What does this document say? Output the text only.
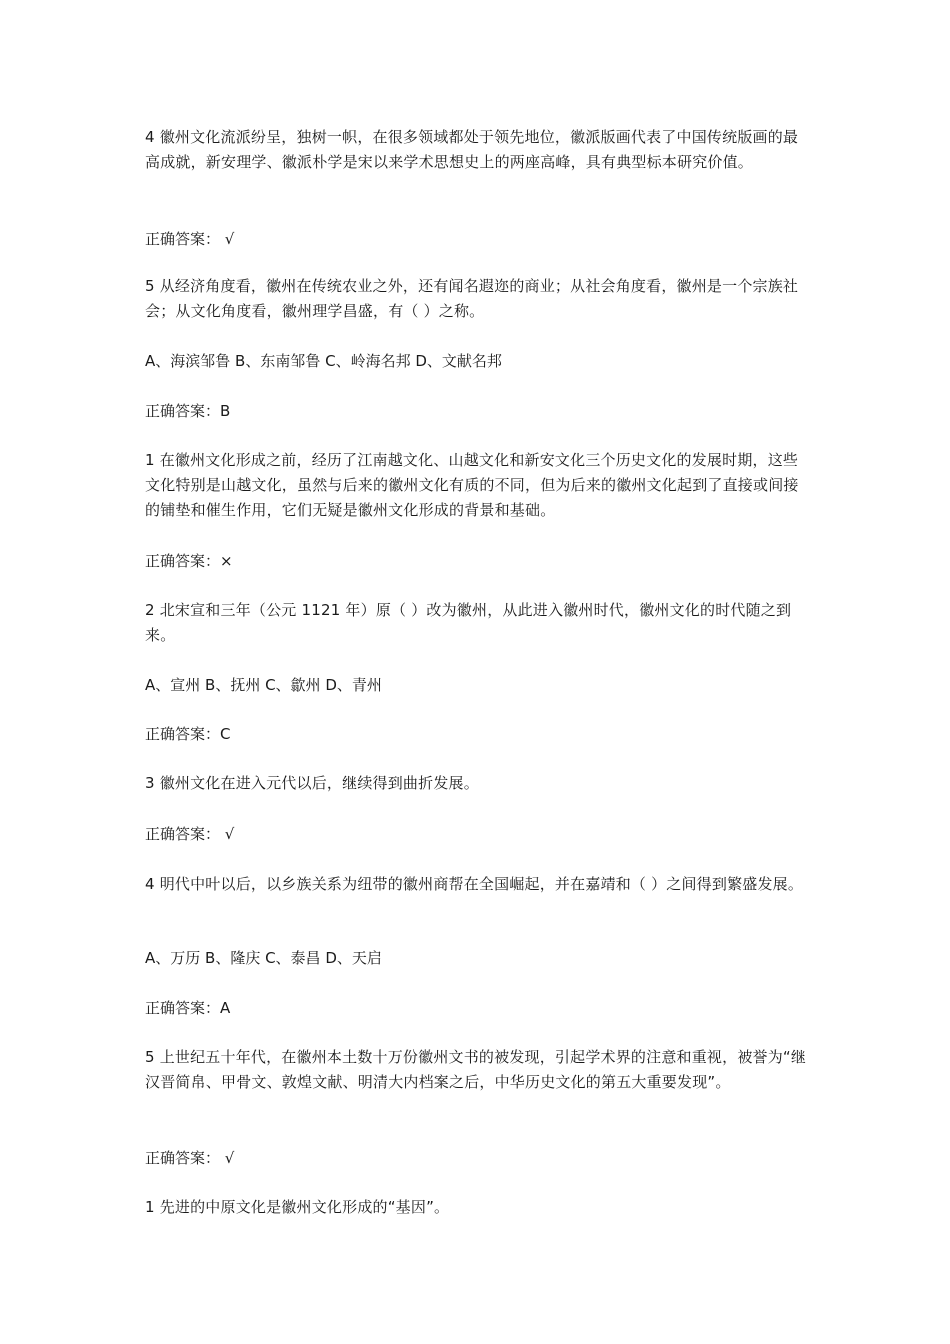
4 徽州文化流派纷呈，独树一帜，在很多领域都处于领先地位，徽派版画代表了中国传统版画的最高成就，新安理学、徽派朴学是宋以来学术思想史上的两座高峰，具有典型标本研究价值。

正确答案： √

5 从经济角度看，徽州在传统农业之外，还有闻名遐迩的商业；从社会角度看，徽州是一个宗族社会；从文化角度看，徽州理学昌盛，有（ ）之称。

A、海滨邹鲁 B、东南邹鲁 C、岭海名邦 D、文献名邦

正确答案：B

1 在徽州文化形成之前，经历了江南越文化、山越文化和新安文化三个历史文化的发展时期，这些文化特别是山越文化，虽然与后来的徽州文化有质的不同，但为后来的徽州文化起到了直接或间接的铺垫和催生作用，它们无疑是徽州文化形成的背景和基础。

正确答案：×

2 北宋宣和三年（公元 1121 年）原（ ）改为徽州，从此进入徽州时代，徽州文化的时代随之到来。

A、宣州 B、抚州 C、歙州 D、青州

正确答案：C

3 徽州文化在进入元代以后，继续得到曲折发展。

正确答案： √

4 明代中叶以后，以乡族关系为纽带的徽州商帮在全国崛起，并在嘉靖和（ ）之间得到繁盛发展。

A、万历 B、隆庆 C、泰昌 D、天启

正确答案：A

5 上世纪五十年代，在徽州本土数十万份徽州文书的被发现，引起学术界的注意和重视，被誉为“继汉晋简帛、甲骨文、敦煌文献、明清大内档案之后，中华历史文化的第五大重要发现”。

正确答案： √

1 先进的中原文化是徽州文化形成的“基因”。
